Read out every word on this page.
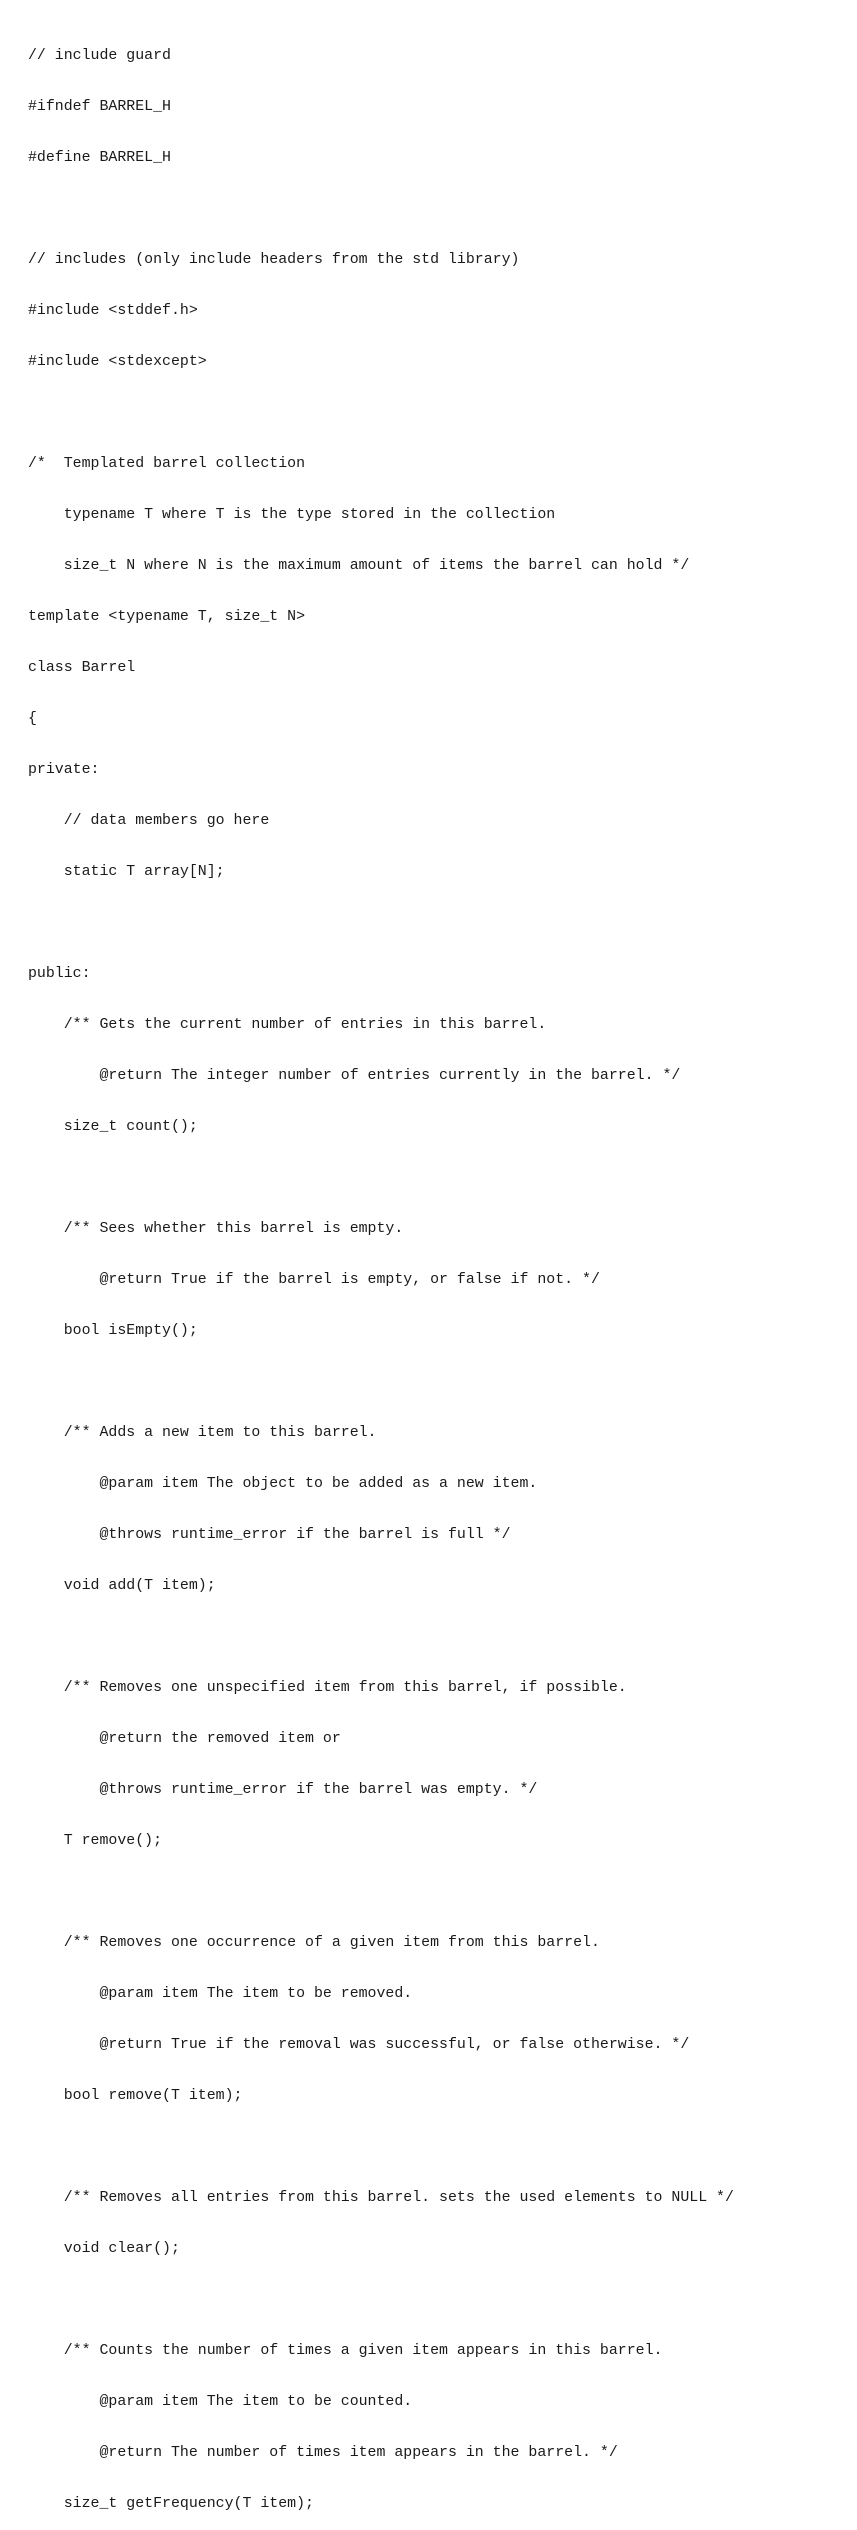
// include guard

#ifndef BARREL_H

#define BARREL_H

// includes (only include headers from the std library)

#include <stddef.h>

#include <stdexcept>

/*  Templated barrel collection

typename T where T is the type stored in the collection

size_t N where N is the maximum amount of items the barrel can hold */

template <typename T, size_t N>

class Barrel

{

private:

// data members go here

static T array[N];

public:

/** Gets the current number of entries in this barrel.

@return The integer number of entries currently in the barrel. */

size_t count();

/** Sees whether this barrel is empty.

@return True if the barrel is empty, or false if not. */

bool isEmpty();

/** Adds a new item to this barrel.

@param item The object to be added as a new item.

@throws runtime_error if the barrel is full */

void add(T item);

/** Removes one unspecified item from this barrel, if possible.

@return the removed item or

@throws runtime_error if the barrel was empty. */

T remove();

/** Removes one occurrence of a given item from this barrel.

@param item The item to be removed.

@return True if the removal was successful, or false otherwise. */

bool remove(T item);

/** Removes all entries from this barrel. sets the used elements to NULL */

void clear();

/** Counts the number of times a given item appears in this barrel.

@param item The item to be counted.

@return The number of times item appears in the barrel. */

size_t getFrequency(T item);
